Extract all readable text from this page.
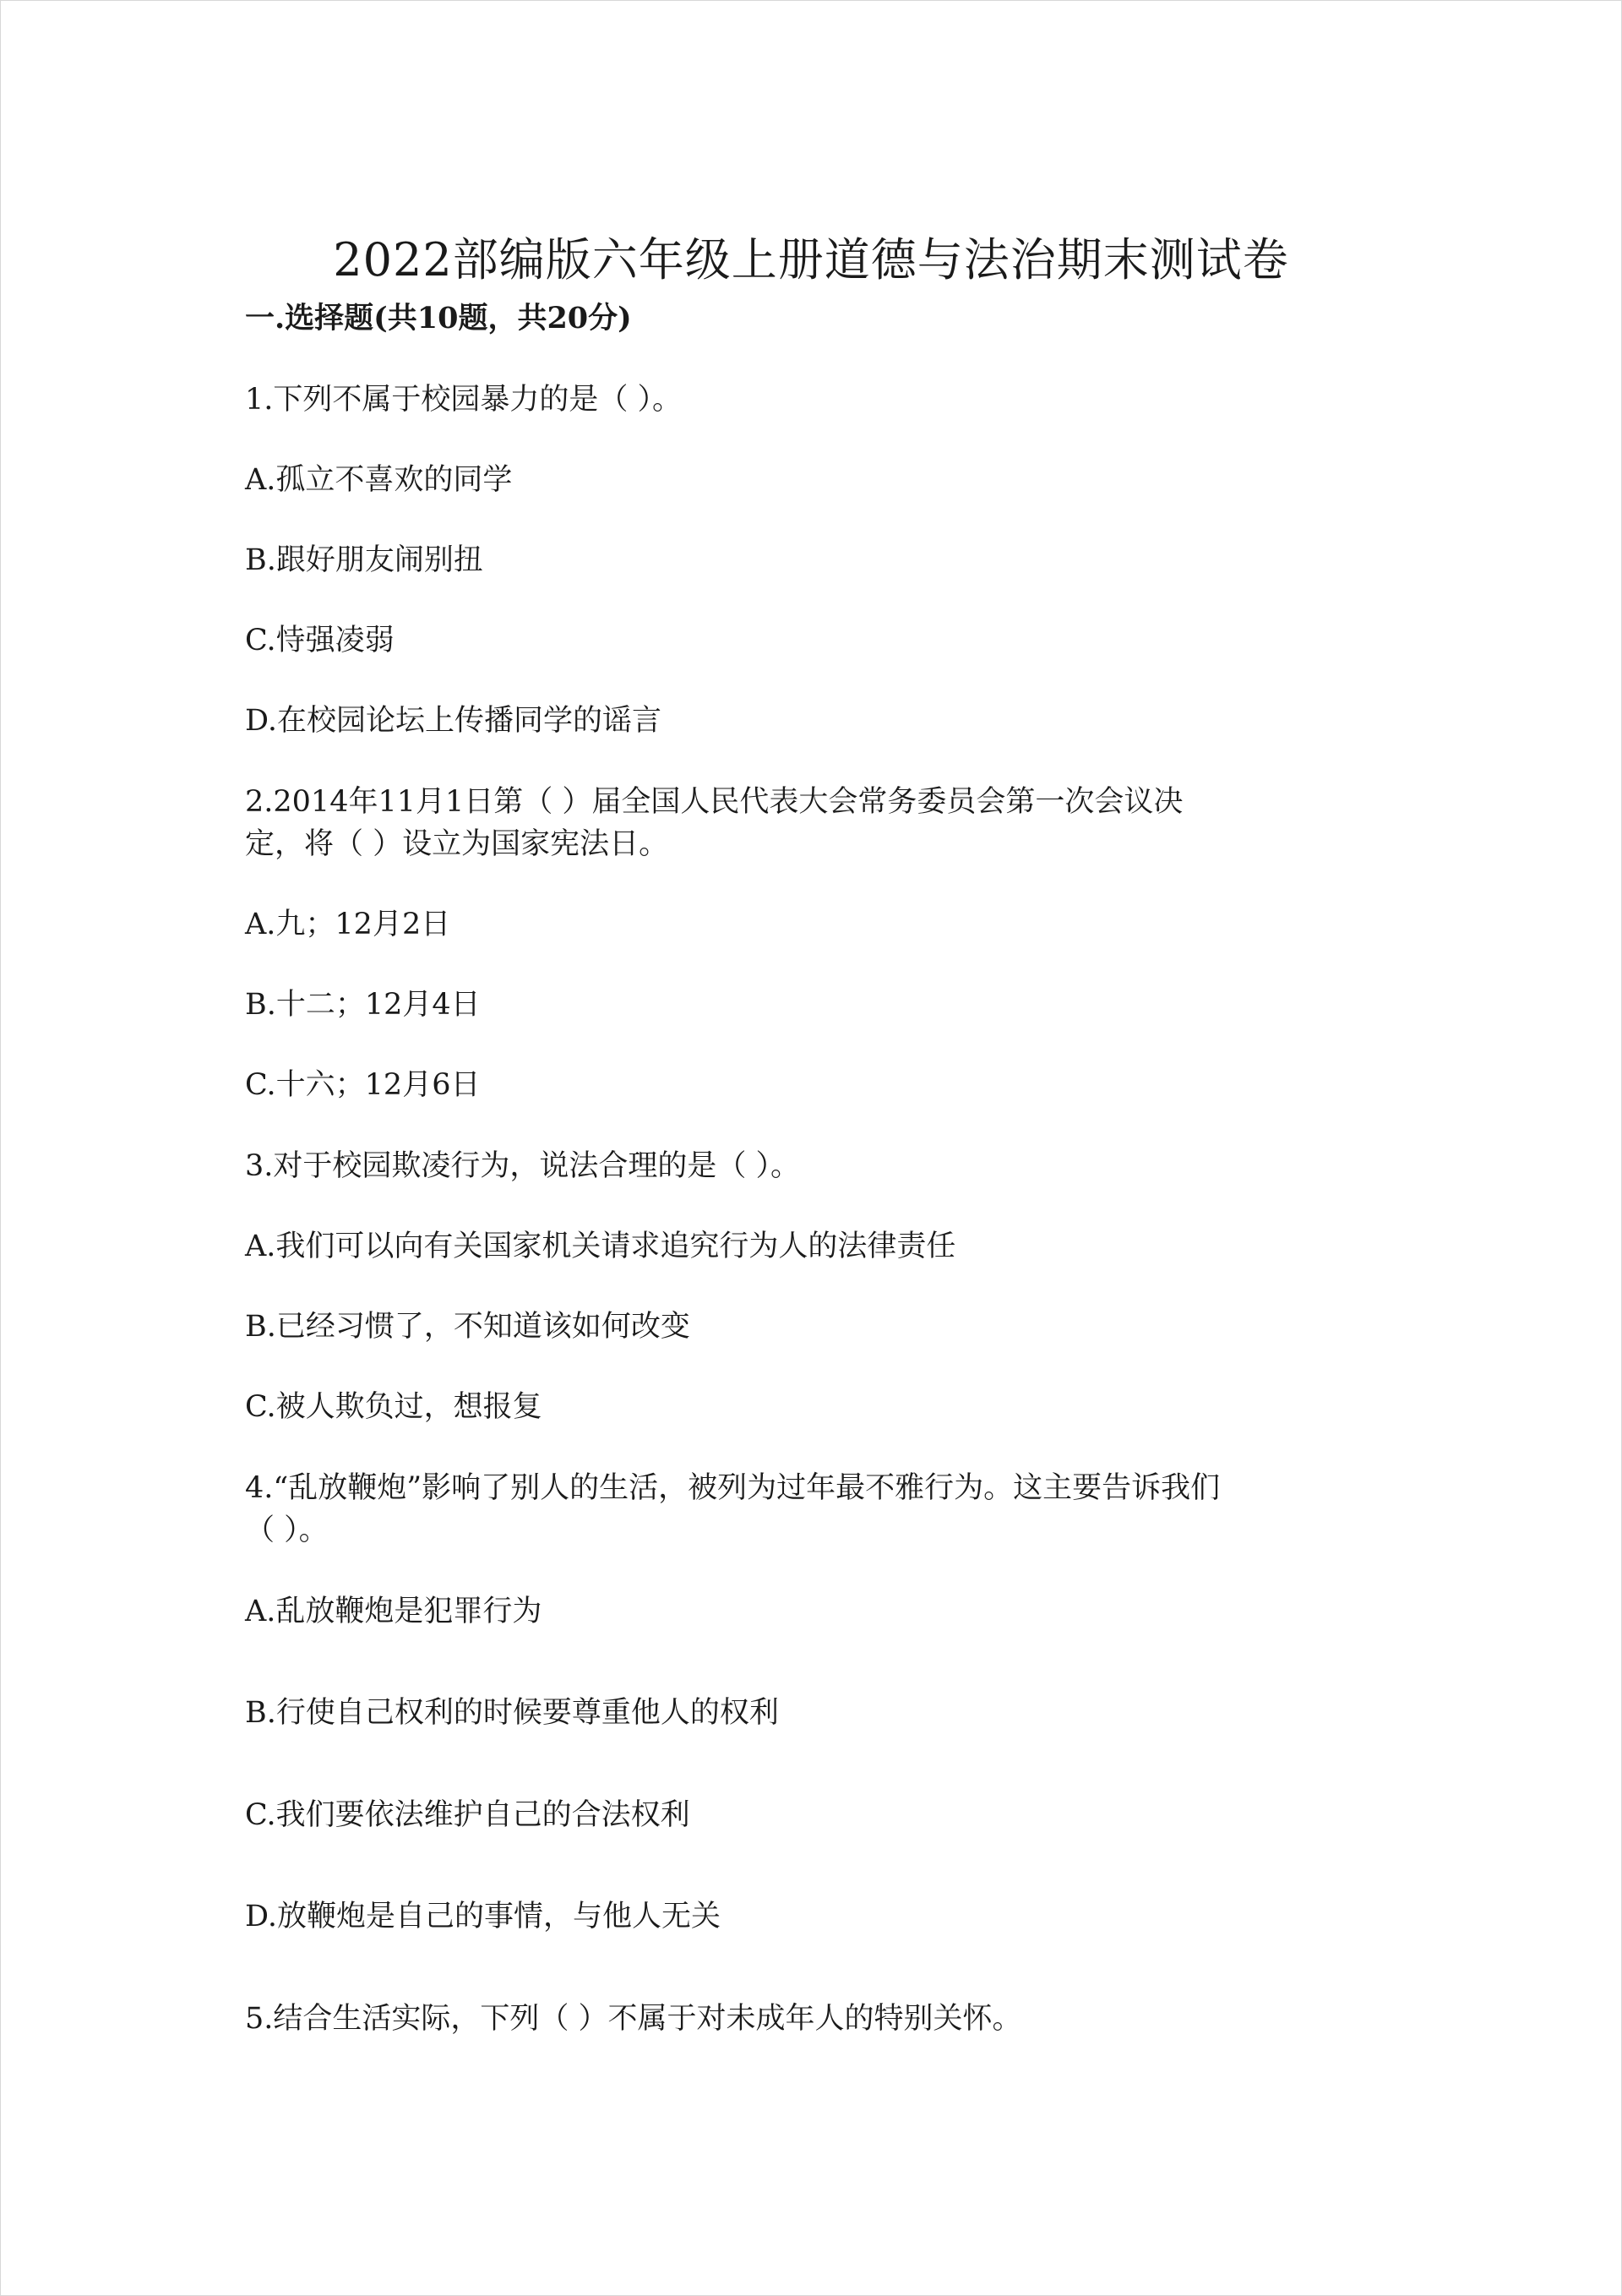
2022部编版六年级上册道德与法治期末测试卷
一.选择题(共10题，共20分)
1.下列不属于校园暴力的是（ ）。
A.孤立不喜欢的同学
B.跟好朋友闹别扭
C.恃强凌弱
D.在校园论坛上传播同学的谣言
2.2014年11月1日第（ ）届全国人民代表大会常务委员会第一次会议决
定，将（ ）设立为国家宪法日。
A.九；12月2日
B.十二；12月4日
C.十六；12月6日
3.对于校园欺凌行为，说法合理的是（ ）。
A.我们可以向有关国家机关请求追究行为人的法律责任
B.已经习惯了，不知道该如何改变
C.被人欺负过，想报复
4.“乱放鞭炮”影响了别人的生活，被列为过年最不雅行为。这主要告诉我们
（ ）。
A.乱放鞭炮是犯罪行为
B.行使自己权利的时候要尊重他人的权利
C.我们要依法维护自己的合法权利
D.放鞭炮是自己的事情，与他人无关
5.结合生活实际，下列（ ）不属于对未成年人的特别关怀。
